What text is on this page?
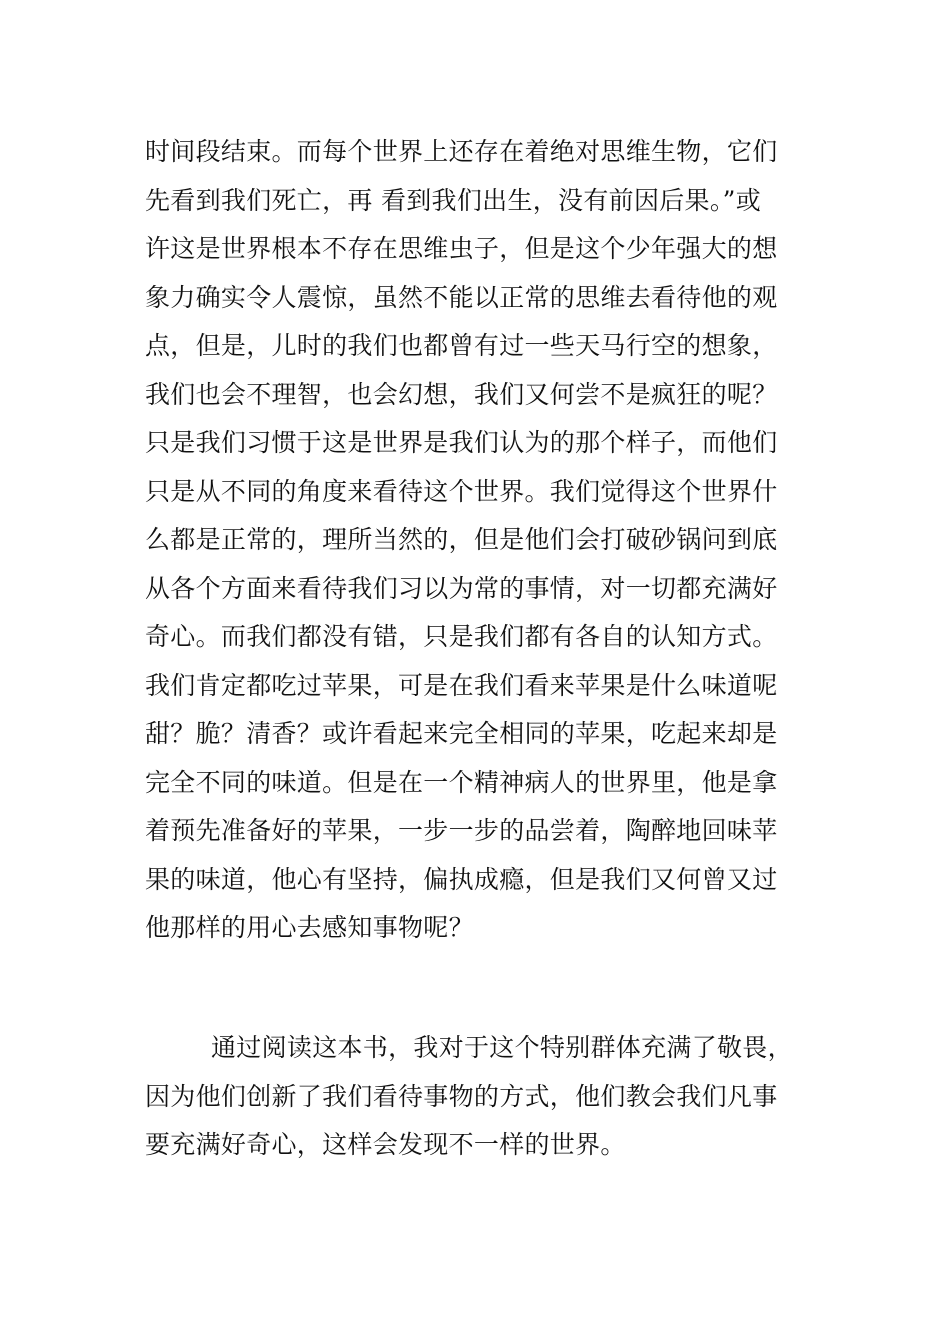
时间段结束。而每个世界上还存在着绝对思维生物，它们
先看到我们死亡，再 看到我们出生，没有前因后果。”或
许这是世界根本不存在思维虫子，但是这个少年强大的想
象力确实令人震惊，虽然不能以正常的思维去看待他的观
点，但是，儿时的我们也都曾有过一些天马行空的想象，
我们也会不理智，也会幻想，我们又何尝不是疯狂的呢？
只是我们习惯于这是世界是我们认为的那个样子，而他们
只是从不同的角度来看待这个世界。我们觉得这个世界什
么都是正常的，理所当然的，但是他们会打破砂锅问到底
从各个方面来看待我们习以为常的事情，对一切都充满好
奇心。而我们都没有错，只是我们都有各自的认知方式。
我们肯定都吃过苹果，可是在我们看来苹果是什么味道呢
甜？脆？清香？或许看起来完全相同的苹果，吃起来却是
完全不同的味道。但是在一个精神病人的世界里，他是拿
着预先准备好的苹果，一步一步的品尝着，陶醉地回味苹
果的味道，他心有坚持，偏执成瘾，但是我们又何曾又过
他那样的用心去感知事物呢？
通过阅读这本书，我对于这个特别群体充满了敬畏，
因为他们创新了我们看待事物的方式，他们教会我们凡事
要充满好奇心，这样会发现不一样的世界。
